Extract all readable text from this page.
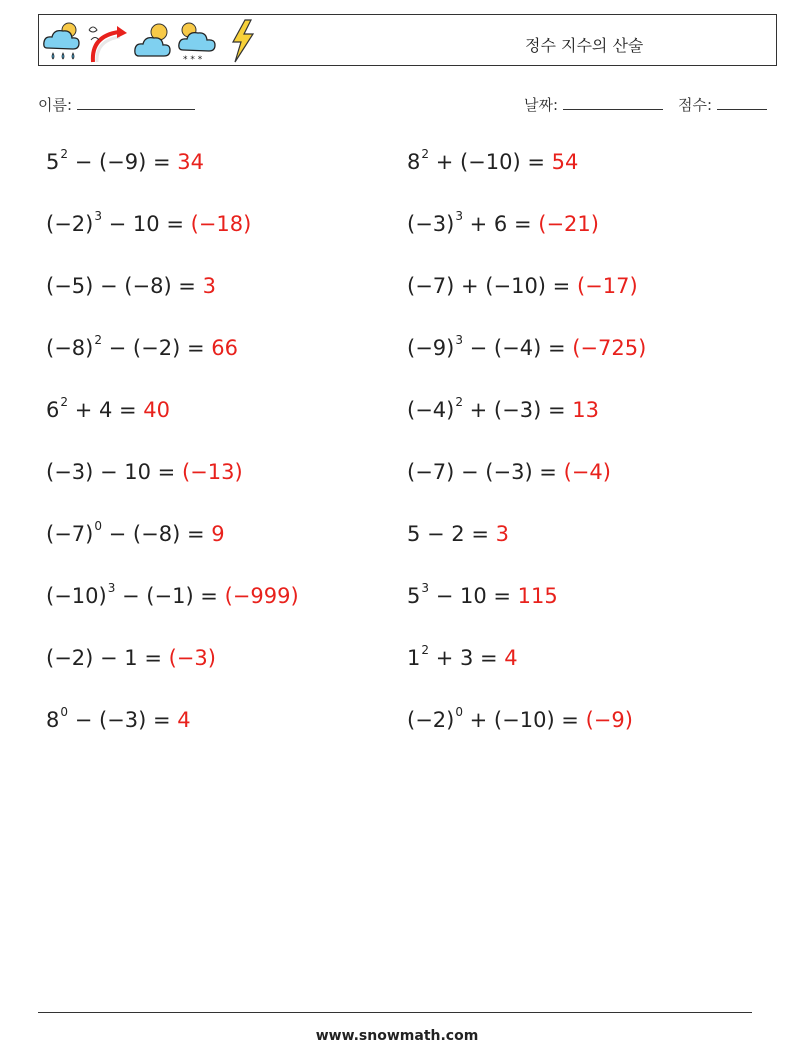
* * *
정수 지수의 산술
이름:	날짜:	점수:
$5^2 - (-9) = 34$	$8^2 + (-10) = 54$
$(-2)^3 - 10 = (-18)$	$(-3)^3 + 6 = (-21)$
(−5) − (−8) = 3	(−7) + (−10) = (−17)
$(-8)^2 - (-2) = 66$	$(-9)^3 - (-4) = (-725)$
$6^2 + 4 = 40$	$(-4)^2 + (-3) = 13$
(−3) − 10 = (−13)	(−7) − (−3) = (−4)
$(-7)^0 - (-8) = 9$	5 − 2 = 3
$(-10)^3 - (-1) = (-999)$	$5^3 - 10 = 115$
(−2) − 1 = (−3)	$1^2 + 3 = 4$
$8^0 - (-3) = 4$	$(-2)^0 + (-10) = (-9)$
www.snowmath.com
